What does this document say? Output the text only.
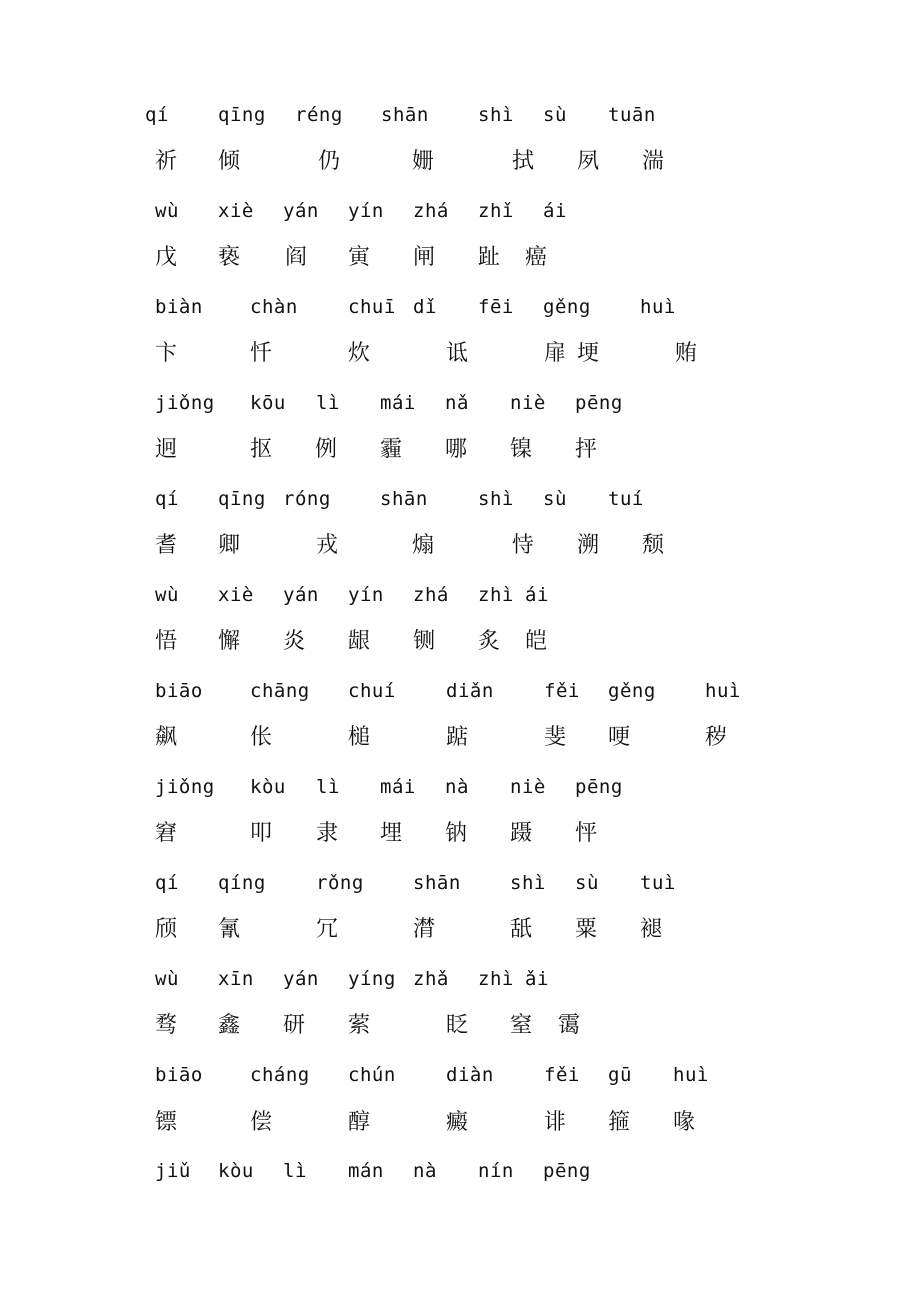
qí	qīng réng shān	shì sù tuān
祈 倾	仍	姗	拭 夙 湍
wù xiè yán yín zhá zhǐ ái
戊 亵 阎 寅 闸 趾 癌
biàn chàn	chuī dǐ fēi gěng	huì
卞	忏	炊	诋	扉 埂	贿
jiǒng kōu lì mái nǎ niè pēng
迥	抠 例 霾 哪 镍 抨
qí qīng róng	shān	shì sù tuí
耆 卿	戎	煽	恃 溯 颓
wù xiè yán yín zhá zhì ái
悟 懈 炎 龈 铡 炙 皑
biāo chāng chuí	diǎn	fěi gěng	huì
飙	伥	槌	踮	斐 哽	秽
jiǒng kòu lì mái nà niè pēng
窘	叩 隶 埋 钠 蹑 怦
qí qíng	rǒng	shān	shì sù tuì
颀 氰	冗	潸	舐 粟 褪
wù xīn yán yíng zhǎ zhì ǎi
骛 鑫 研 萦	眨 窒 霭
biāo cháng chún	diàn	fěi gū huì
镖	偿	醇	癜	诽 箍 喙
jiǔ kòu lì mán nà nín pēng
